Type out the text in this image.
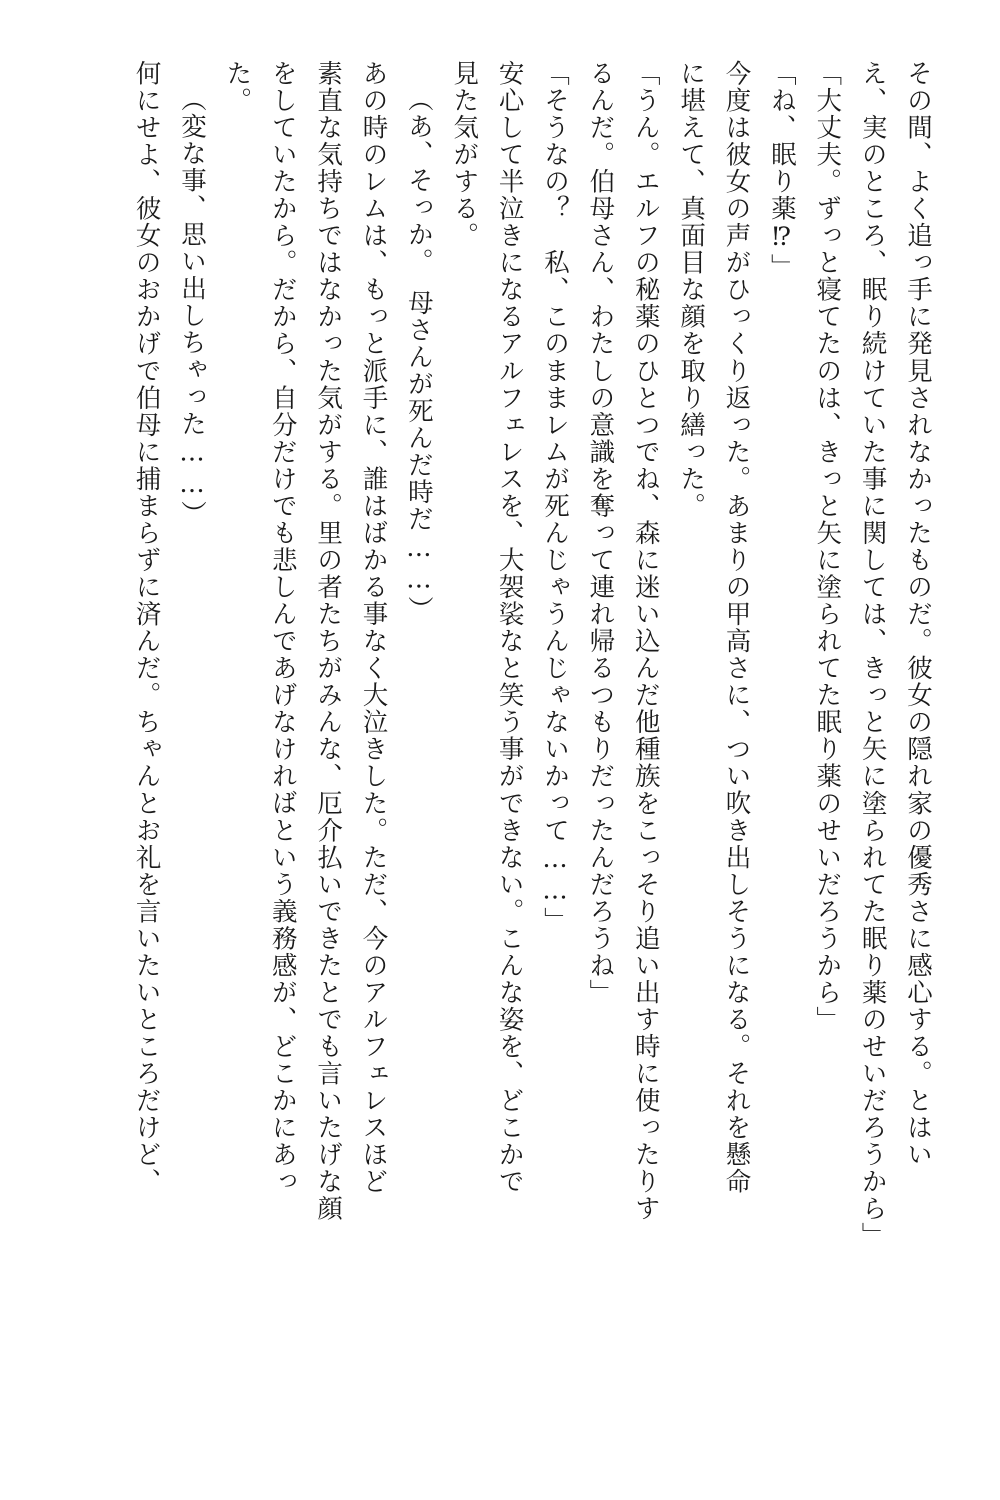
その間、よく追っ手に発見されなかったものだ。彼女の隠れ家の優秀さに感心する。とはい
え、実のところ、眠り続けていた事に関しては、きっと矢に塗られてた眠り薬のせいだろうから」
「大丈夫。ずっと寝てたのは、きっと矢に塗られてた眠り薬のせいだろうから」
「ね、眠り薬⁉」
今度は彼女の声がひっくり返った。あまりの甲高さに、つい吹き出しそうになる。それを懸命
に堪えて、真面目な顔を取り繕った。
「うん。エルフの秘薬のひとつでね、森に迷い込んだ他種族をこっそり追い出す時に使ったりす
るんだ。伯母さん、わたしの意識を奪って連れ帰るつもりだったんだろうね」
「そうなの？　私、このままレムが死んじゃうんじゃないかって……」
安心して半泣きになるアルフェレスを、大袈裟なと笑う事ができない。こんな姿を、どこかで
見た気がする。
（あ、そっか。　母さんが死んだ時だ……）
あの時のレムは、もっと派手に、誰はばかる事なく大泣きした。ただ、今のアルフェレスほど
素直な気持ちではなかった気がする。里の者たちがみんな、厄介払いできたとでも言いたげな顔
をしていたから。だから、自分だけでも悲しんであげなければという義務感が、どこかにあっ
た。
（変な事、思い出しちゃった……）
何にせよ、彼女のおかげで伯母に捕まらずに済んだ。ちゃんとお礼を言いたいところだけど、
